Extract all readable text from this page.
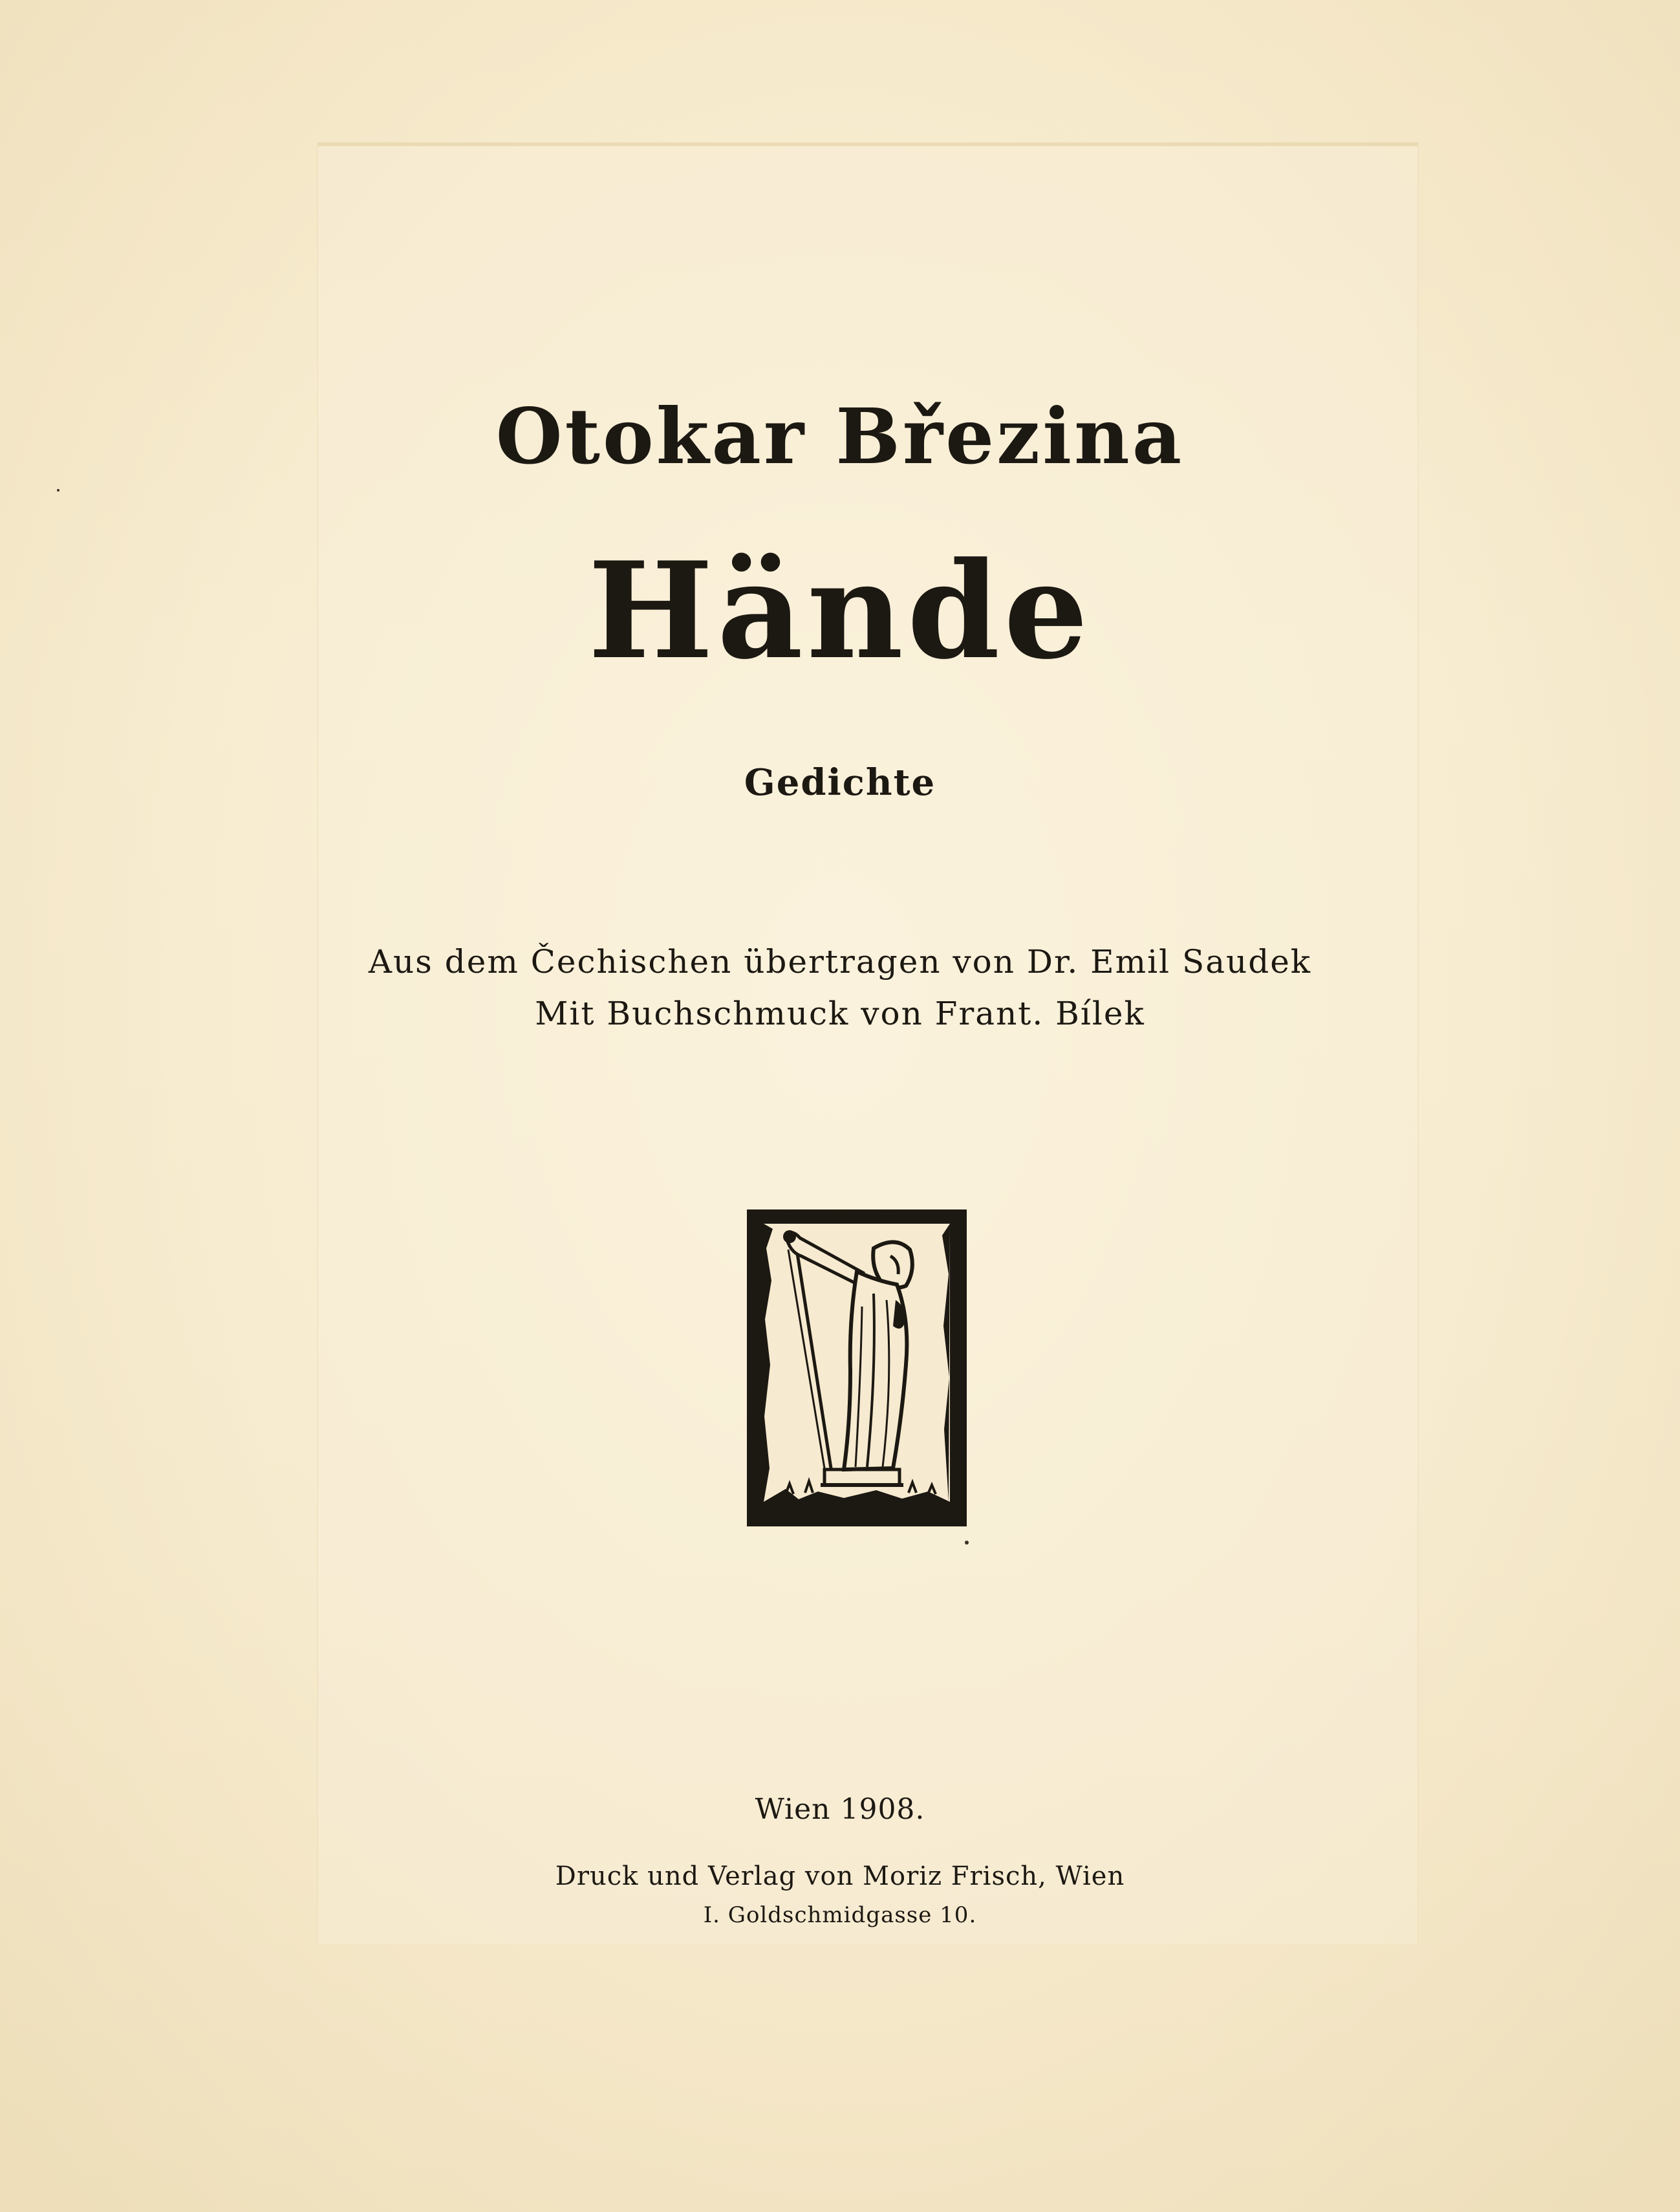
Otokar Březina
Hände
Gedichte
Aus dem Čechischen übertragen von Dr. Emil Saudek
Mit Buchschmuck von Frant. Bílek
Wien 1908.
Druck und Verlag von Moriz Frisch, Wien
I. Goldschmidgasse 10.
